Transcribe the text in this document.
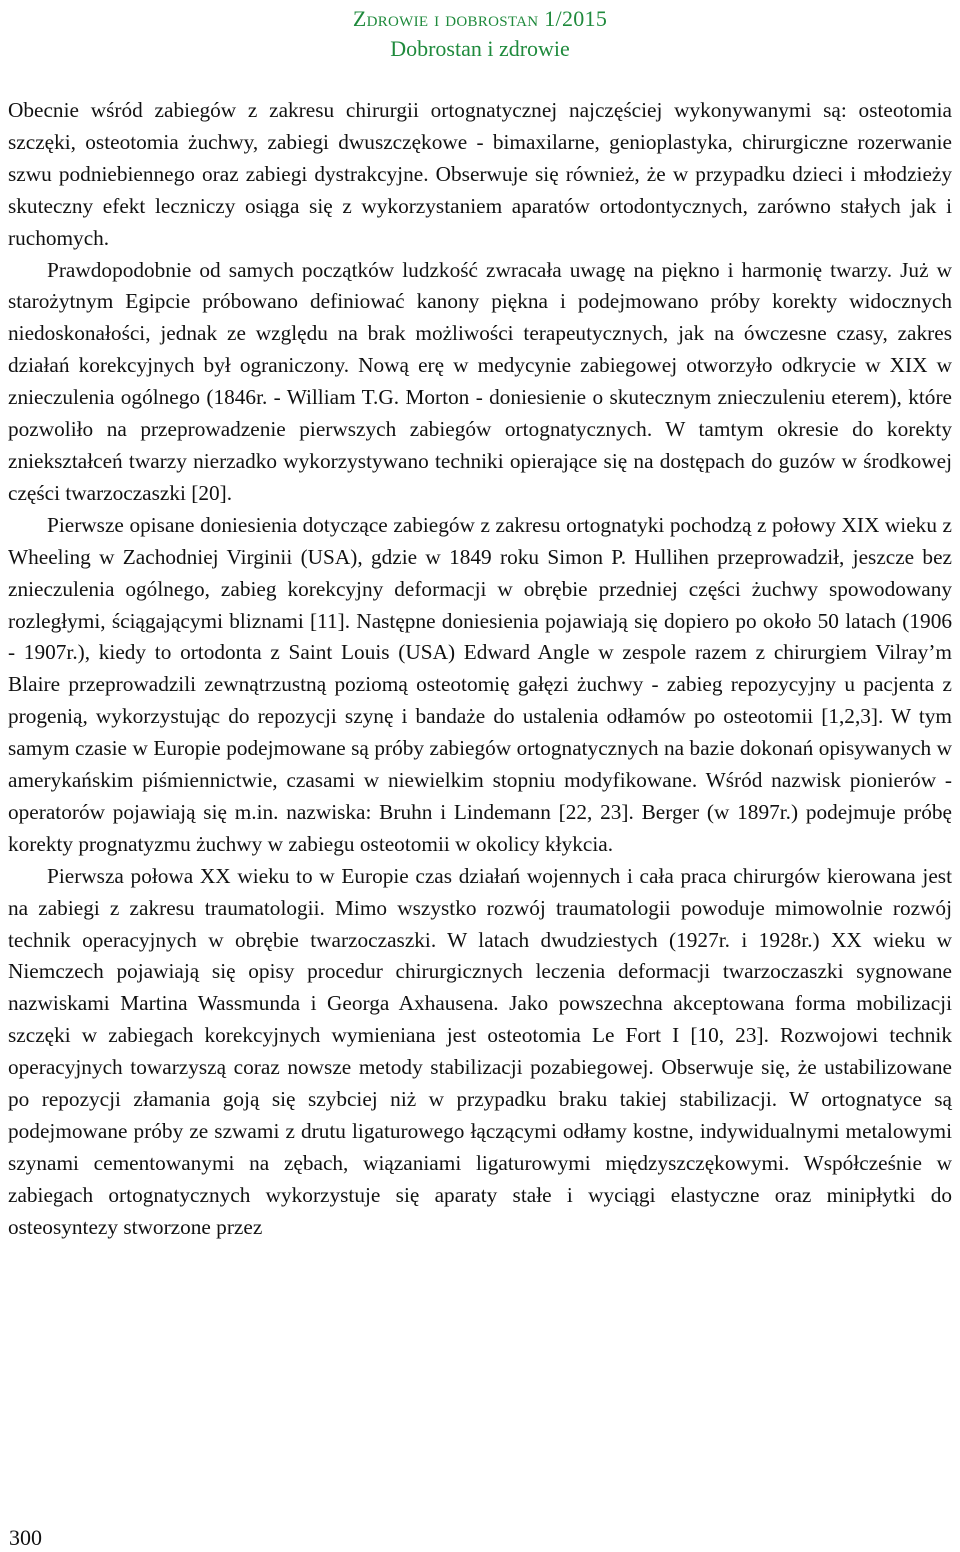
Zdrowie i dobrostan 1/2015
Dobrostan i zdrowie

Obecnie wśród zabiegów z zakresu chirurgii ortognatycznej najczęściej wykonywanymi są: osteotomia szczęki, osteotomia żuchwy, zabiegi dwuszczękowe - bimaxilarne, genioplastyka, chirurgiczne rozerwanie szwu podniebiennego oraz zabiegi dystrakcyjne. Obserwuje się również, że w przypadku dzieci i młodzieży skuteczny efekt leczniczy osiąga się z wykorzystaniem aparatów ortodontycznych, zarówno stałych jak i ruchomych.

Prawdopodobnie od samych początków ludzkość zwracała uwagę na piękno i harmonię twarzy. Już w starożytnym Egipcie próbowano definiować kanony piękna i podejmowano próby korekty widocznych niedoskonałości, jednak ze względu na brak możliwości terapeutycznych, jak na ówczesne czasy, zakres działań korekcyjnych był ograniczony. Nową erę w medycynie zabiegowej otworzyło odkrycie w XIX w znieczulenia ogólnego (1846r. - William T.G. Morton - doniesienie o skutecznym znieczuleniu eterem), które pozwoliło na przeprowadzenie pierwszych zabiegów ortognatycznych. W tamtym okresie do korekty zniekształceń twarzy nierzadko wykorzystywano techniki opierające się na dostępach do guzów w środkowej części twarzoczaszki [20].

Pierwsze opisane doniesienia dotyczące zabiegów z zakresu ortognatyki pochodzą z połowy XIX wieku z Wheeling w Zachodniej Virginii (USA), gdzie w 1849 roku Simon P. Hullihen przeprowadził, jeszcze bez znieczulenia ogólnego, zabieg korekcyjny deformacji w obrębie przedniej części żuchwy spowodowany rozległymi, ściągającymi bliznami [11]. Następne doniesienia pojawiają się dopiero po około 50 latach (1906 - 1907r.), kiedy to ortodonta z Saint Louis (USA) Edward Angle w zespole razem z chirurgiem Vilray’m Blaire przeprowadzili zewnątrzustną poziomą osteotomię gałęzi żuchwy - zabieg repozycyjny u pacjenta z progenią, wykorzystując do repozycji szynę i bandaże do ustalenia odłamów po osteotomii [1,2,3]. W tym samym czasie w Europie podejmowane są próby zabiegów ortognatycznych na bazie dokonań opisywanych w amerykańskim piśmiennictwie, czasami w niewielkim stopniu modyfikowane. Wśród nazwisk pionierów - operatorów pojawiają się m.in. nazwiska: Bruhn i Lindemann [22, 23]. Berger (w 1897r.) podejmuje próbę korekty prognatyzmu żuchwy w zabiegu osteotomii w okolicy kłykcia.

Pierwsza połowa XX wieku to w Europie czas działań wojennych i cała praca chirurgów kierowana jest na zabiegi z zakresu traumatologii. Mimo wszystko rozwój traumatologii powoduje mimowolnie rozwój technik operacyjnych w obrębie twarzoczaszki. W latach dwudziestych (1927r. i 1928r.) XX wieku w Niemczech pojawiają się opisy procedur chirurgicznych leczenia deformacji twarzoczaszki sygnowane nazwiskami Martina Wassmunda i Georga Axhausena. Jako powszechna akceptowana forma mobilizacji szczęki w zabiegach korekcyjnych wymieniana jest osteotomia Le Fort I [10, 23]. Rozwojowi technik operacyjnych towarzyszą coraz nowsze metody stabilizacji pozabiegowej. Obserwuje się, że ustabilizowane po repozycji złamania goją się szybciej niż w przypadku braku takiej stabilizacji. W ortognatyce są podejmowane próby ze szwami z drutu ligaturowego łączącymi odłamy kostne, indywidualnymi metalowymi szynami cementowanymi na zębach, wiązaniami ligaturowymi międzyszczękowymi. Współcześnie w zabiegach ortognatycznych wykorzystuje się aparaty stałe i wyciągi elastyczne oraz minipłytki do osteosyntezy stworzone przez

300
